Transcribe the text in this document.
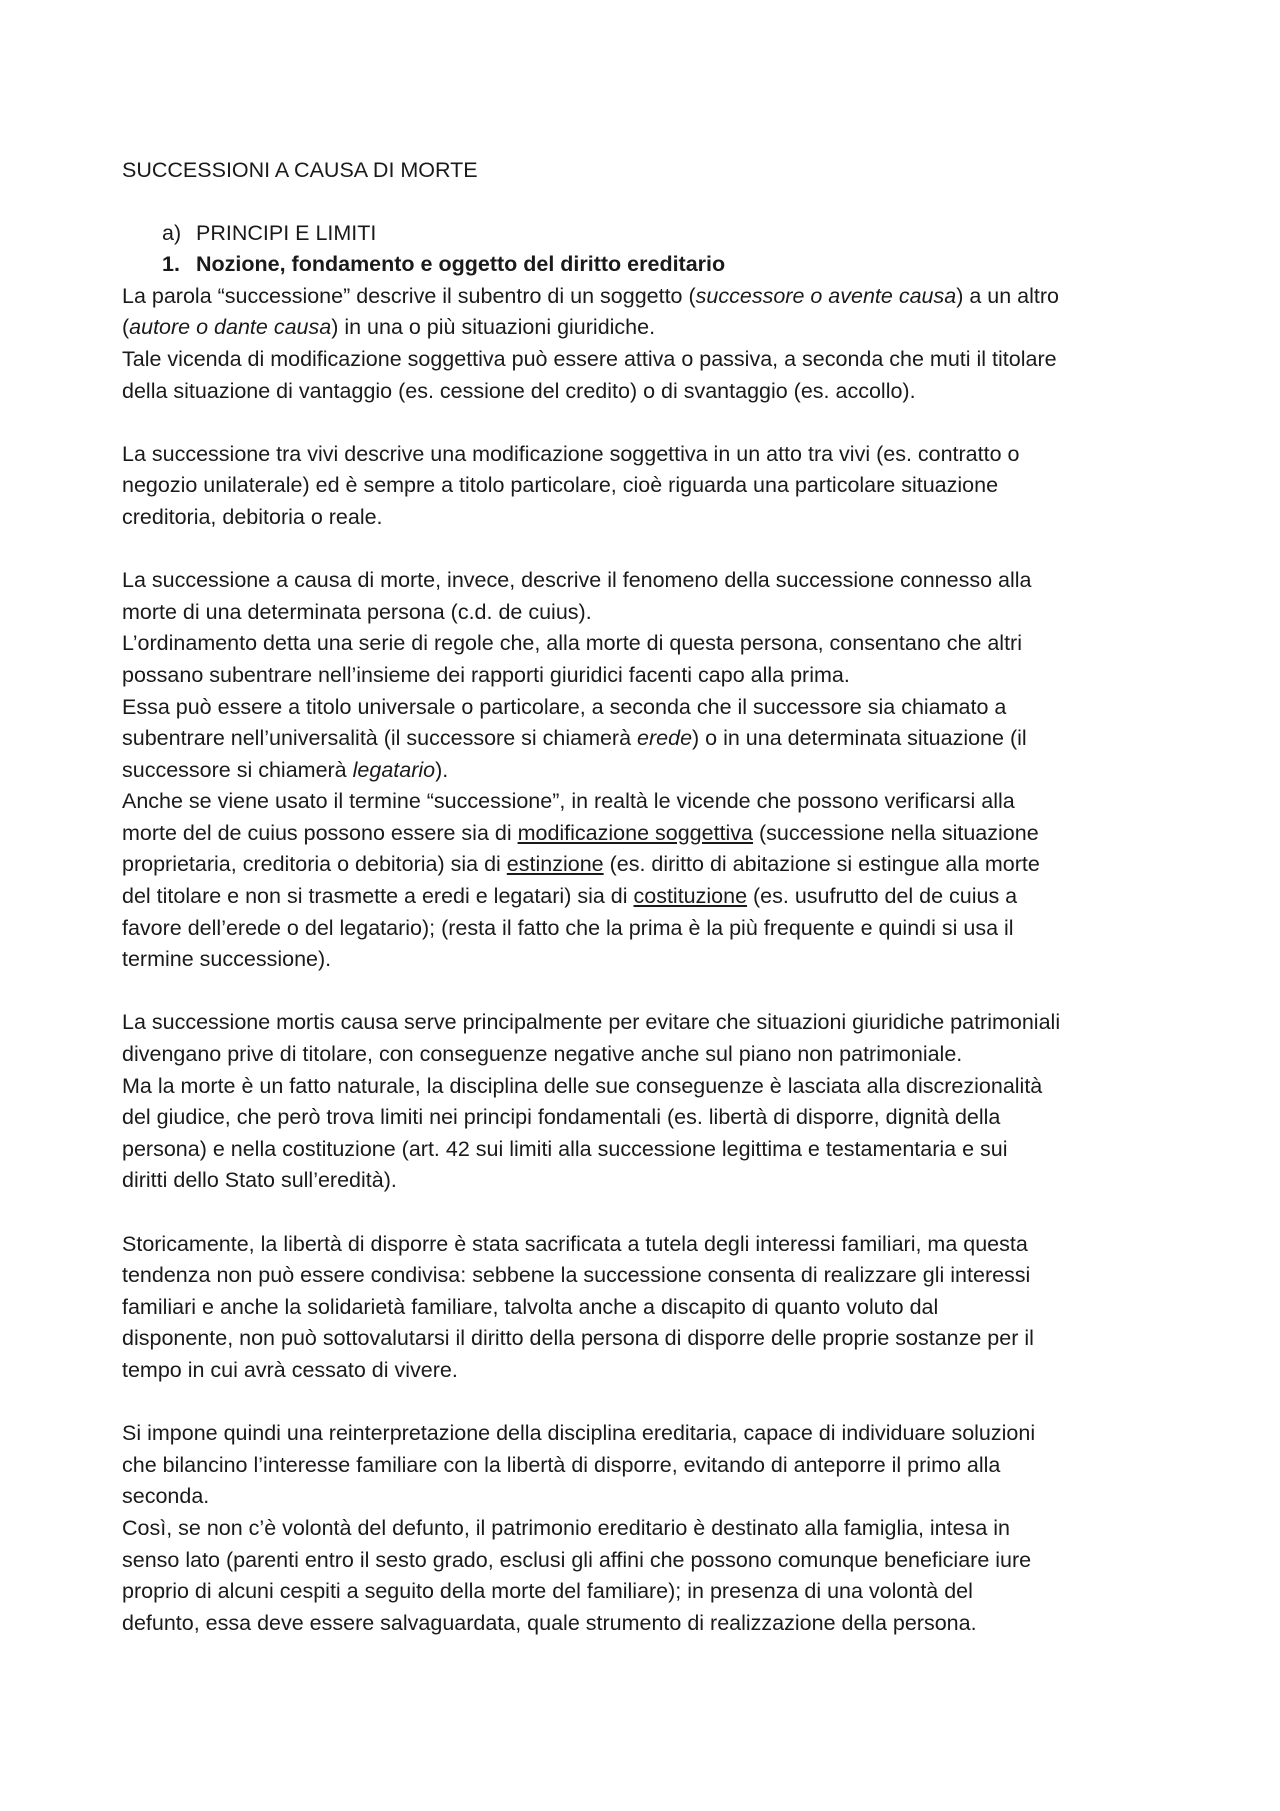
SUCCESSIONI A CAUSA DI MORTE
a) PRINCIPI E LIMITI
1. Nozione, fondamento e oggetto del diritto ereditario
La parola “successione” descrive il subentro di un soggetto (successore o avente causa) a un altro
(autore o dante causa) in una o più situazioni giuridiche.
Tale vicenda di modificazione soggettiva può essere attiva o passiva, a seconda che muti il titolare
della situazione di vantaggio (es. cessione del credito) o di svantaggio (es. accollo).
La successione tra vivi descrive una modificazione soggettiva in un atto tra vivi (es. contratto o
negozio unilaterale) ed è sempre a titolo particolare, cioè riguarda una particolare situazione
creditoria, debitoria o reale.
La successione a causa di morte, invece, descrive il fenomeno della successione connesso alla
morte di una determinata persona (c.d. de cuius).
L’ordinamento detta una serie di regole che, alla morte di questa persona, consentano che altri
possano subentrare nell’insieme dei rapporti giuridici facenti capo alla prima.
Essa può essere a titolo universale o particolare, a seconda che il successore sia chiamato a
subentrare nell’universalità (il successore si chiamerà erede) o in una determinata situazione (il
successore si chiamerà legatario).
Anche se viene usato il termine “successione”, in realtà le vicende che possono verificarsi alla
morte del de cuius possono essere sia di modificazione soggettiva (successione nella situazione
proprietaria, creditoria o debitoria) sia di estinzione (es. diritto di abitazione si estingue alla morte
del titolare e non si trasmette a eredi e legatari) sia di costituzione (es. usufrutto del de cuius a
favore dell’erede o del legatario); (resta il fatto che la prima è la più frequente e quindi si usa il
termine successione).
La successione mortis causa serve principalmente per evitare che situazioni giuridiche patrimoniali
divengano prive di titolare, con conseguenze negative anche sul piano non patrimoniale.
Ma la morte è un fatto naturale, la disciplina delle sue conseguenze è lasciata alla discrezionalità
del giudice, che però trova limiti nei principi fondamentali (es. libertà di disporre, dignità della
persona) e nella costituzione (art. 42 sui limiti alla successione legittima e testamentaria e sui
diritti dello Stato sull’eredità).
Storicamente, la libertà di disporre è stata sacrificata a tutela degli interessi familiari, ma questa
tendenza non può essere condivisa: sebbene la successione consenta di realizzare gli interessi
familiari e anche la solidarietà familiare, talvolta anche a discapito di quanto voluto dal
disponente, non può sottovalutarsi il diritto della persona di disporre delle proprie sostanze per il
tempo in cui avrà cessato di vivere.
Si impone quindi una reinterpretazione della disciplina ereditaria, capace di individuare soluzioni
che bilancino l’interesse familiare con la libertà di disporre, evitando di anteporre il primo alla
seconda.
Così, se non c’è volontà del defunto, il patrimonio ereditario è destinato alla famiglia, intesa in
senso lato (parenti entro il sesto grado, esclusi gli affini che possono comunque beneficiare iure
proprio di alcuni cespiti a seguito della morte del familiare); in presenza di una volontà del
defunto, essa deve essere salvaguardata, quale strumento di realizzazione della persona.
